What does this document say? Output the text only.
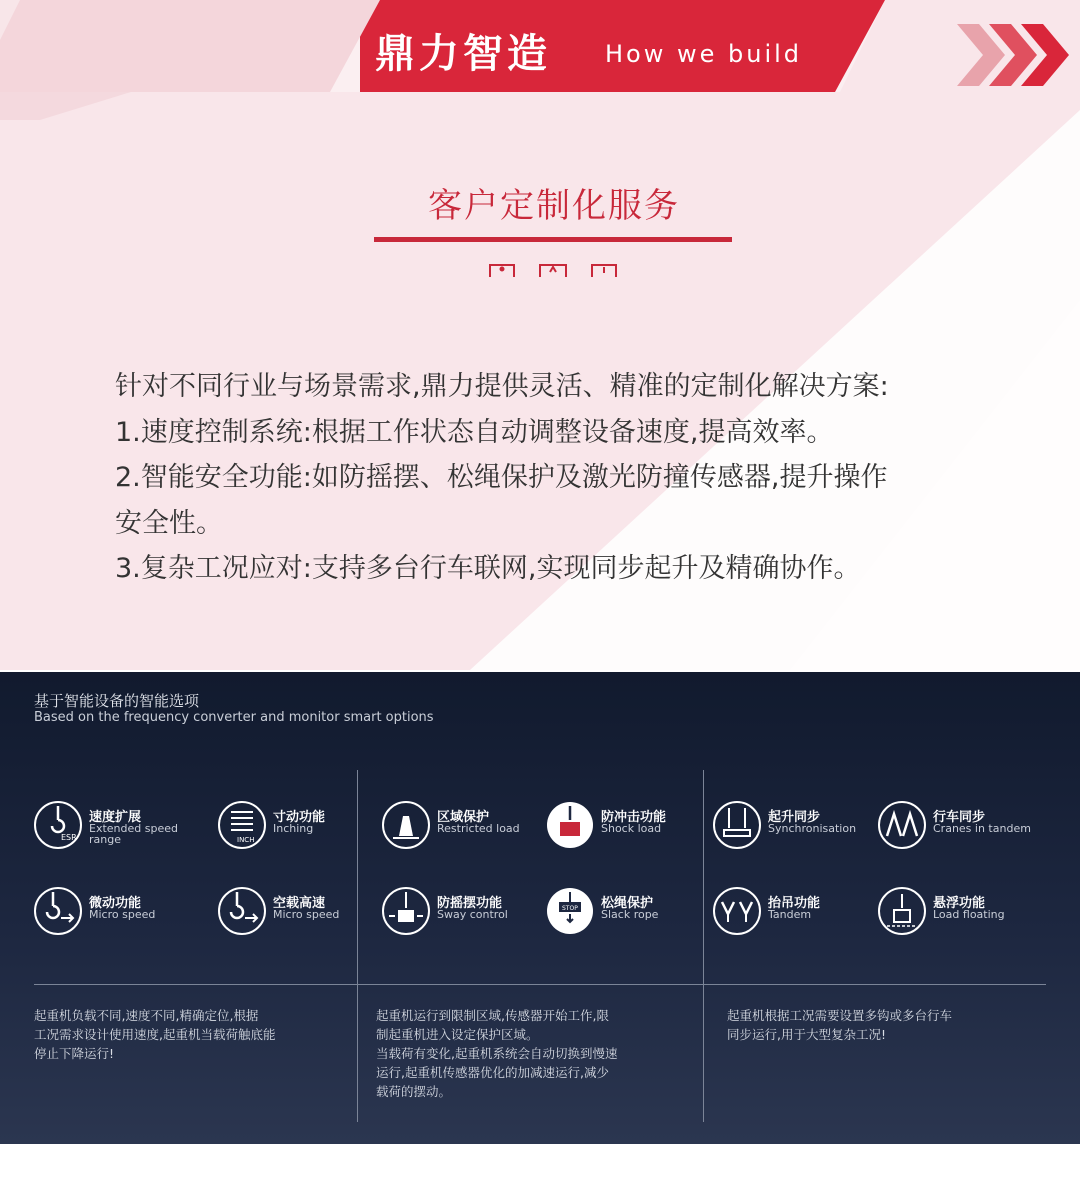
鼎力智造 How we build
客户定制化服务
针对不同行业与场景需求,鼎力提供灵活、精准的定制化解决方案:
1.速度控制系统:根据工作状态自动调整设备速度,提高效率。
2.智能安全功能:如防摇摆、松绳保护及激光防撞传感器,提升操作
安全性。
3.复杂工况应对:支持多台行车联网,实现同步起升及精确协作。
基于智能设备的智能选项
Based on the frequency converter and monitor smart options
ESR
速度扩展
Extended speed range	INCH
寸动功能
Inching
区域保护
Restricted load
防冲击功能
Shock load
起升同步
Synchronisation
行车同步
Cranes in tandem
微动功能
Micro speed
空载高速
Micro speed
防摇摆功能
Sway control	STOP 松绳保护
Slack rope
抬吊功能
Tandem
悬浮功能
Load floating
起重机负载不同,速度不同,精确定位,根据
工况需求设计使用速度,起重机当载荷触底能
停止下降运行!
起重机运行到限制区域,传感器开始工作,限
制起重机进入设定保护区域。
当载荷有变化,起重机系统会自动切换到慢速
运行,起重机传感器优化的加减速运行,减少
载荷的摆动。
起重机根据工况需要设置多钩或多台行车
同步运行,用于大型复杂工况!
